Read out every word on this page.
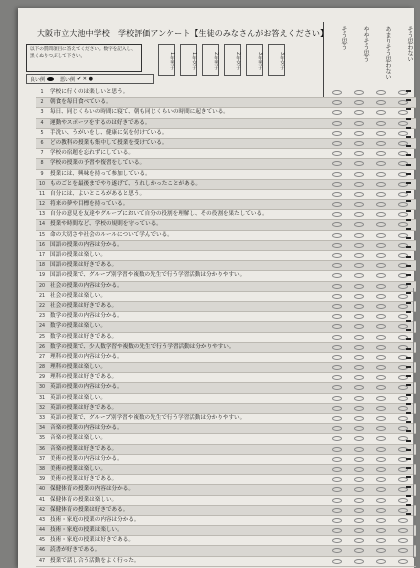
大阪市立大池中学校　学校評価アンケート【生徒のみなさんがお答えください】
以下の質問項目に答えてください。数字を記入し、黒くぬりつぶして下さい。	1年男子	1年女子	2年男子	2年女子	3年男子	3年女子
良い例	悪い例 ✔ ✕ ●
そう思う	ややそう思う	あまりそう思わない	そう思わない
1	学校に行くのは楽しいと思う。
2	朝食を毎日食べている。
3	毎日、同じくらいの時間に寝て、朝も同じくらいの時間に起きている。
4	運動やスポーツをするのは好きである。
5	手洗い、うがいをし、健康に気を付けている。
6	どの教科の授業も集中して授業を受けている。
7	学校の宿題を忘れずにしている。
8	学校の授業の予習や復習をしている。
9	授業には、興味を持って参加している。
10 ものごとを最後までやり遂げて、うれしかったことがある。
11 自分には、よいところがあると思う。
12 将来の夢や目標を持っている。
13 自分の意見を友達やグループにおいて自分の役割を理解し、その役割を果たしている。
14 授業や時間など、学校の規則を守っている。
15 命の大切さや社会のルールについて学んでいる。
16 国語の授業の内容は分かる。
17 国語の授業は楽しい。
18 国語の授業は好きである。
19 国語の授業で、グループ別学習や複数の先生で行う学習活動は分かりやすい。
20 社会の授業の内容は分かる。
21 社会の授業は楽しい。
22 社会の授業は好きである。
23 数学の授業の内容は分かる。
24 数学の授業は楽しい。
25 数学の授業は好きである。
26 数学の授業で、少人数学習や複数の先生で行う学習活動は分かりやすい。
27 理科の授業の内容は分かる。
28 理科の授業は楽しい。
29 理科の授業は好きである。
30 英語の授業の内容は分かる。
31 英語の授業は楽しい。
32 英語の授業は好きである。
33 英語の授業で、グループ別学習や複数の先生で行う学習活動は分かりやすい。
34 音楽の授業の内容は分かる。
35 音楽の授業は楽しい。
36 音楽の授業は好きである。
37 美術の授業の内容は分かる。
38 美術の授業は楽しい。
39 美術の授業は好きである。
40 保健体育の授業の内容は分かる。
41 保健体育の授業は楽しい。
42 保健体育の授業は好きである。
43 技術・家庭の授業の内容は分かる。
44 技術・家庭の授業は楽しい。
45 技術・家庭の授業は好きである。
46 読書が好きである。
47 授業で話し合う活動をよく行った。
